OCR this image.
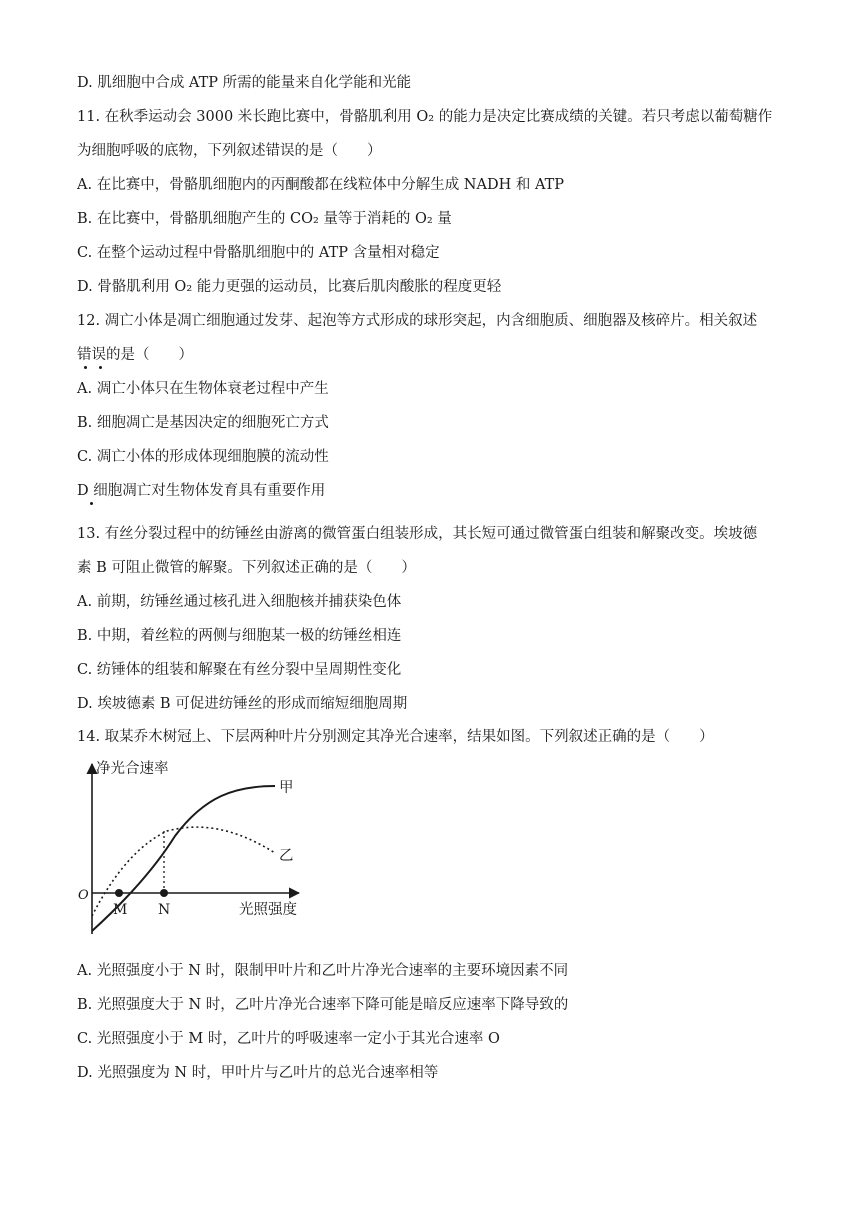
D. 肌细胞中合成 ATP 所需的能量来自化学能和光能
11. 在秋季运动会 3000 米长跑比赛中，骨骼肌利用 O₂ 的能力是决定比赛成绩的关键。若只考虑以葡萄糖作
为细胞呼吸的底物，下列叙述错误的是（　　）
A. 在比赛中，骨骼肌细胞内的丙酮酸都在线粒体中分解生成 NADH 和 ATP
B. 在比赛中，骨骼肌细胞产生的 CO₂ 量等于消耗的 O₂ 量
C. 在整个运动过程中骨骼肌细胞中的 ATP 含量相对稳定
D. 骨骼肌利用 O₂ 能力更强的运动员，比赛后肌肉酸胀的程度更轻
12. 凋亡小体是凋亡细胞通过发芽、起泡等方式形成的球形突起，内含细胞质、细胞器及核碎片。相关叙述
错误的是（　　）
A. 凋亡小体只在生物体衰老过程中产生
B. 细胞凋亡是基因决定的细胞死亡方式
C. 凋亡小体的形成体现细胞膜的流动性
D 细胞凋亡对生物体发育具有重要作用
13. 有丝分裂过程中的纺锤丝由游离的微管蛋白组装形成，其长短可通过微管蛋白组装和解聚改变。埃坡德
素 B 可阻止微管的解聚。下列叙述正确的是（　　）
A. 前期，纺锤丝通过核孔进入细胞核并捕获染色体
B. 中期，着丝粒的两侧与细胞某一极的纺锤丝相连
C. 纺锤体的组装和解聚在有丝分裂中呈周期性变化
D. 埃坡德素 B 可促进纺锤丝的形成而缩短细胞周期
14. 取某乔木树冠上、下层两种叶片分别测定其净光合速率，结果如图。下列叙述正确的是（　　）
净光合速率
光照强度
O
M N
甲
乙
A. 光照强度小于 N 时，限制甲叶片和乙叶片净光合速率的主要环境因素不同
B. 光照强度大于 N 时，乙叶片净光合速率下降可能是暗反应速率下降导致的
C. 光照强度小于 M 时，乙叶片的呼吸速率一定小于其光合速率 O
D. 光照强度为 N 时，甲叶片与乙叶片的总光合速率相等
